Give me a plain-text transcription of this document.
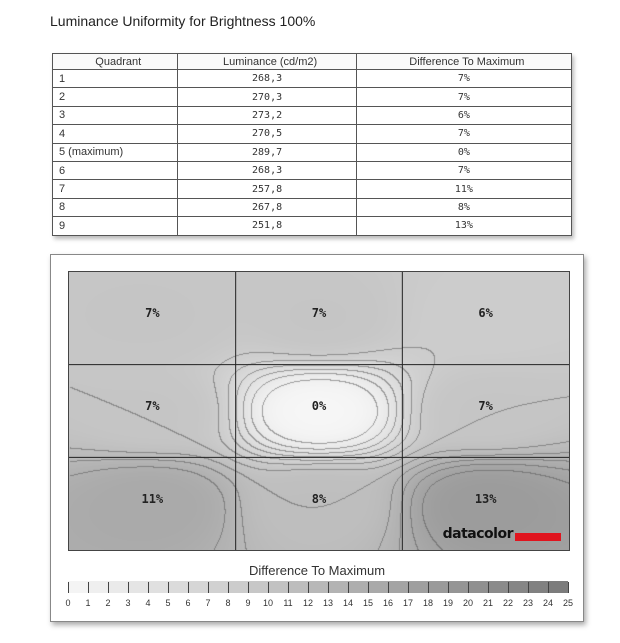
Luminance Uniformity for Brightness 100%
Quadrant	Luminance (cd/m2)	Difference To Maximum
1	268,3	7%
2	270,3	7%
3	273,2	6%
4	270,5	7%
5 (maximum)	289,7	0%
6	268,3	7%
7	257,8	11%
8	267,8	8%
9	251,8	13%
7%	7%	6%
7%	0%	7%
11%	8%	13%
datacolor
Difference To Maximum
0 1 2 3 4 5 6 7 8 9 10 11 12 13 14 15 16 17 18 19 20 21 22 23 24 25
